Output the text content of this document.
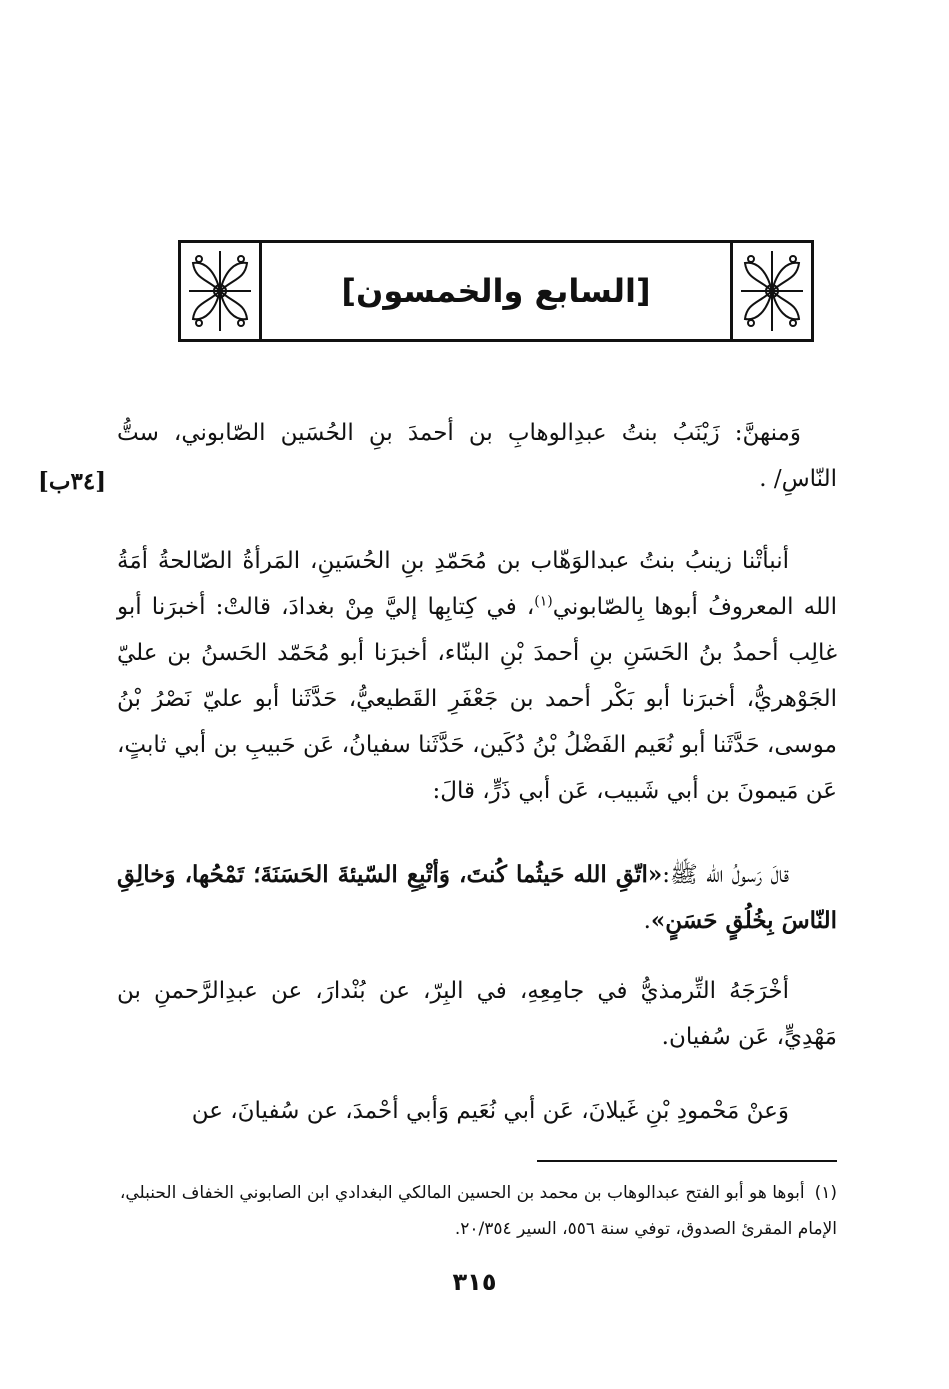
[السابع والخمسون]
[٣٤ب]

وَمنهنَّ: زَيْنَبُ بنتُ عبدِالوهابِ بن أحمدَ بنِ الحُسَين الصّابوني، ستُّ النّاسِ/ .

أنبأتْنا زينبُ بنتُ عبدالوَهّاب بن مُحَمّدِ بنِ الحُسَينِ، المَرأةُ الصّالحةُ أمَةُ الله المعروفُ أبوها بِالصّابوني$^{(١)}$، في كِتابِها إليَّ مِنْ بغدادَ، قالتْ: أخبرَنا أبو غالِب أحمدُ بنُ الحَسَنِ بنِ أحمدَ بْنِ البنّاء، أخبرَنا أبو مُحَمّد الحَسنُ بن عليّ الجَوْهريُّ، أخبرَنا أبو بَكْر أحمد بن جَعْفَرِ القَطيعيُّ، حَدَّثَنا أبو عليّ نَصْرُ بْنُ موسى، حَدَّثَنا أبو نُعَيم الفَضْلُ بْنُ دُكَين، حَدَّثَنا سفيانُ، عَن حَبيبِ بن أبي ثابتٍ، عَن مَيمونَ بن أبي شَبيب، عَن أبي ذَرٍّ، قالَ:

قالَ رَسولُ الله ﷺ:«اتّقِ الله حَيثُما كُنتَ، وَأتْبِعِ السّيئةَ الحَسَنَةَ؛ تَمْحُها، وَخالِقِ النّاسَ بِخُلُقٍ حَسَنٍ».

أخْرَجَهُ التِّرمذيُّ في جامِعِهِ، في البِرّ، عن بُنْدارَ، عن عبدِالرَّحمنِ بن مَهْدِيٍّ، عَن سُفيان.

وَعنْ مَحْمودِ بْنِ غَيلانَ، عَن أبي نُعَيم وَأبي أحْمدَ، عن سُفيانَ، عن

(١)أبوها هو أبو الفتح عبدالوهاب بن محمد بن الحسين المالكي البغدادي ابن الصابوني الخفاف الحنبلي، الإمام المقرئ الصدوق، توفي سنة ٥٥٦، السير ٢٠/٣٥٤.
٣١٥
